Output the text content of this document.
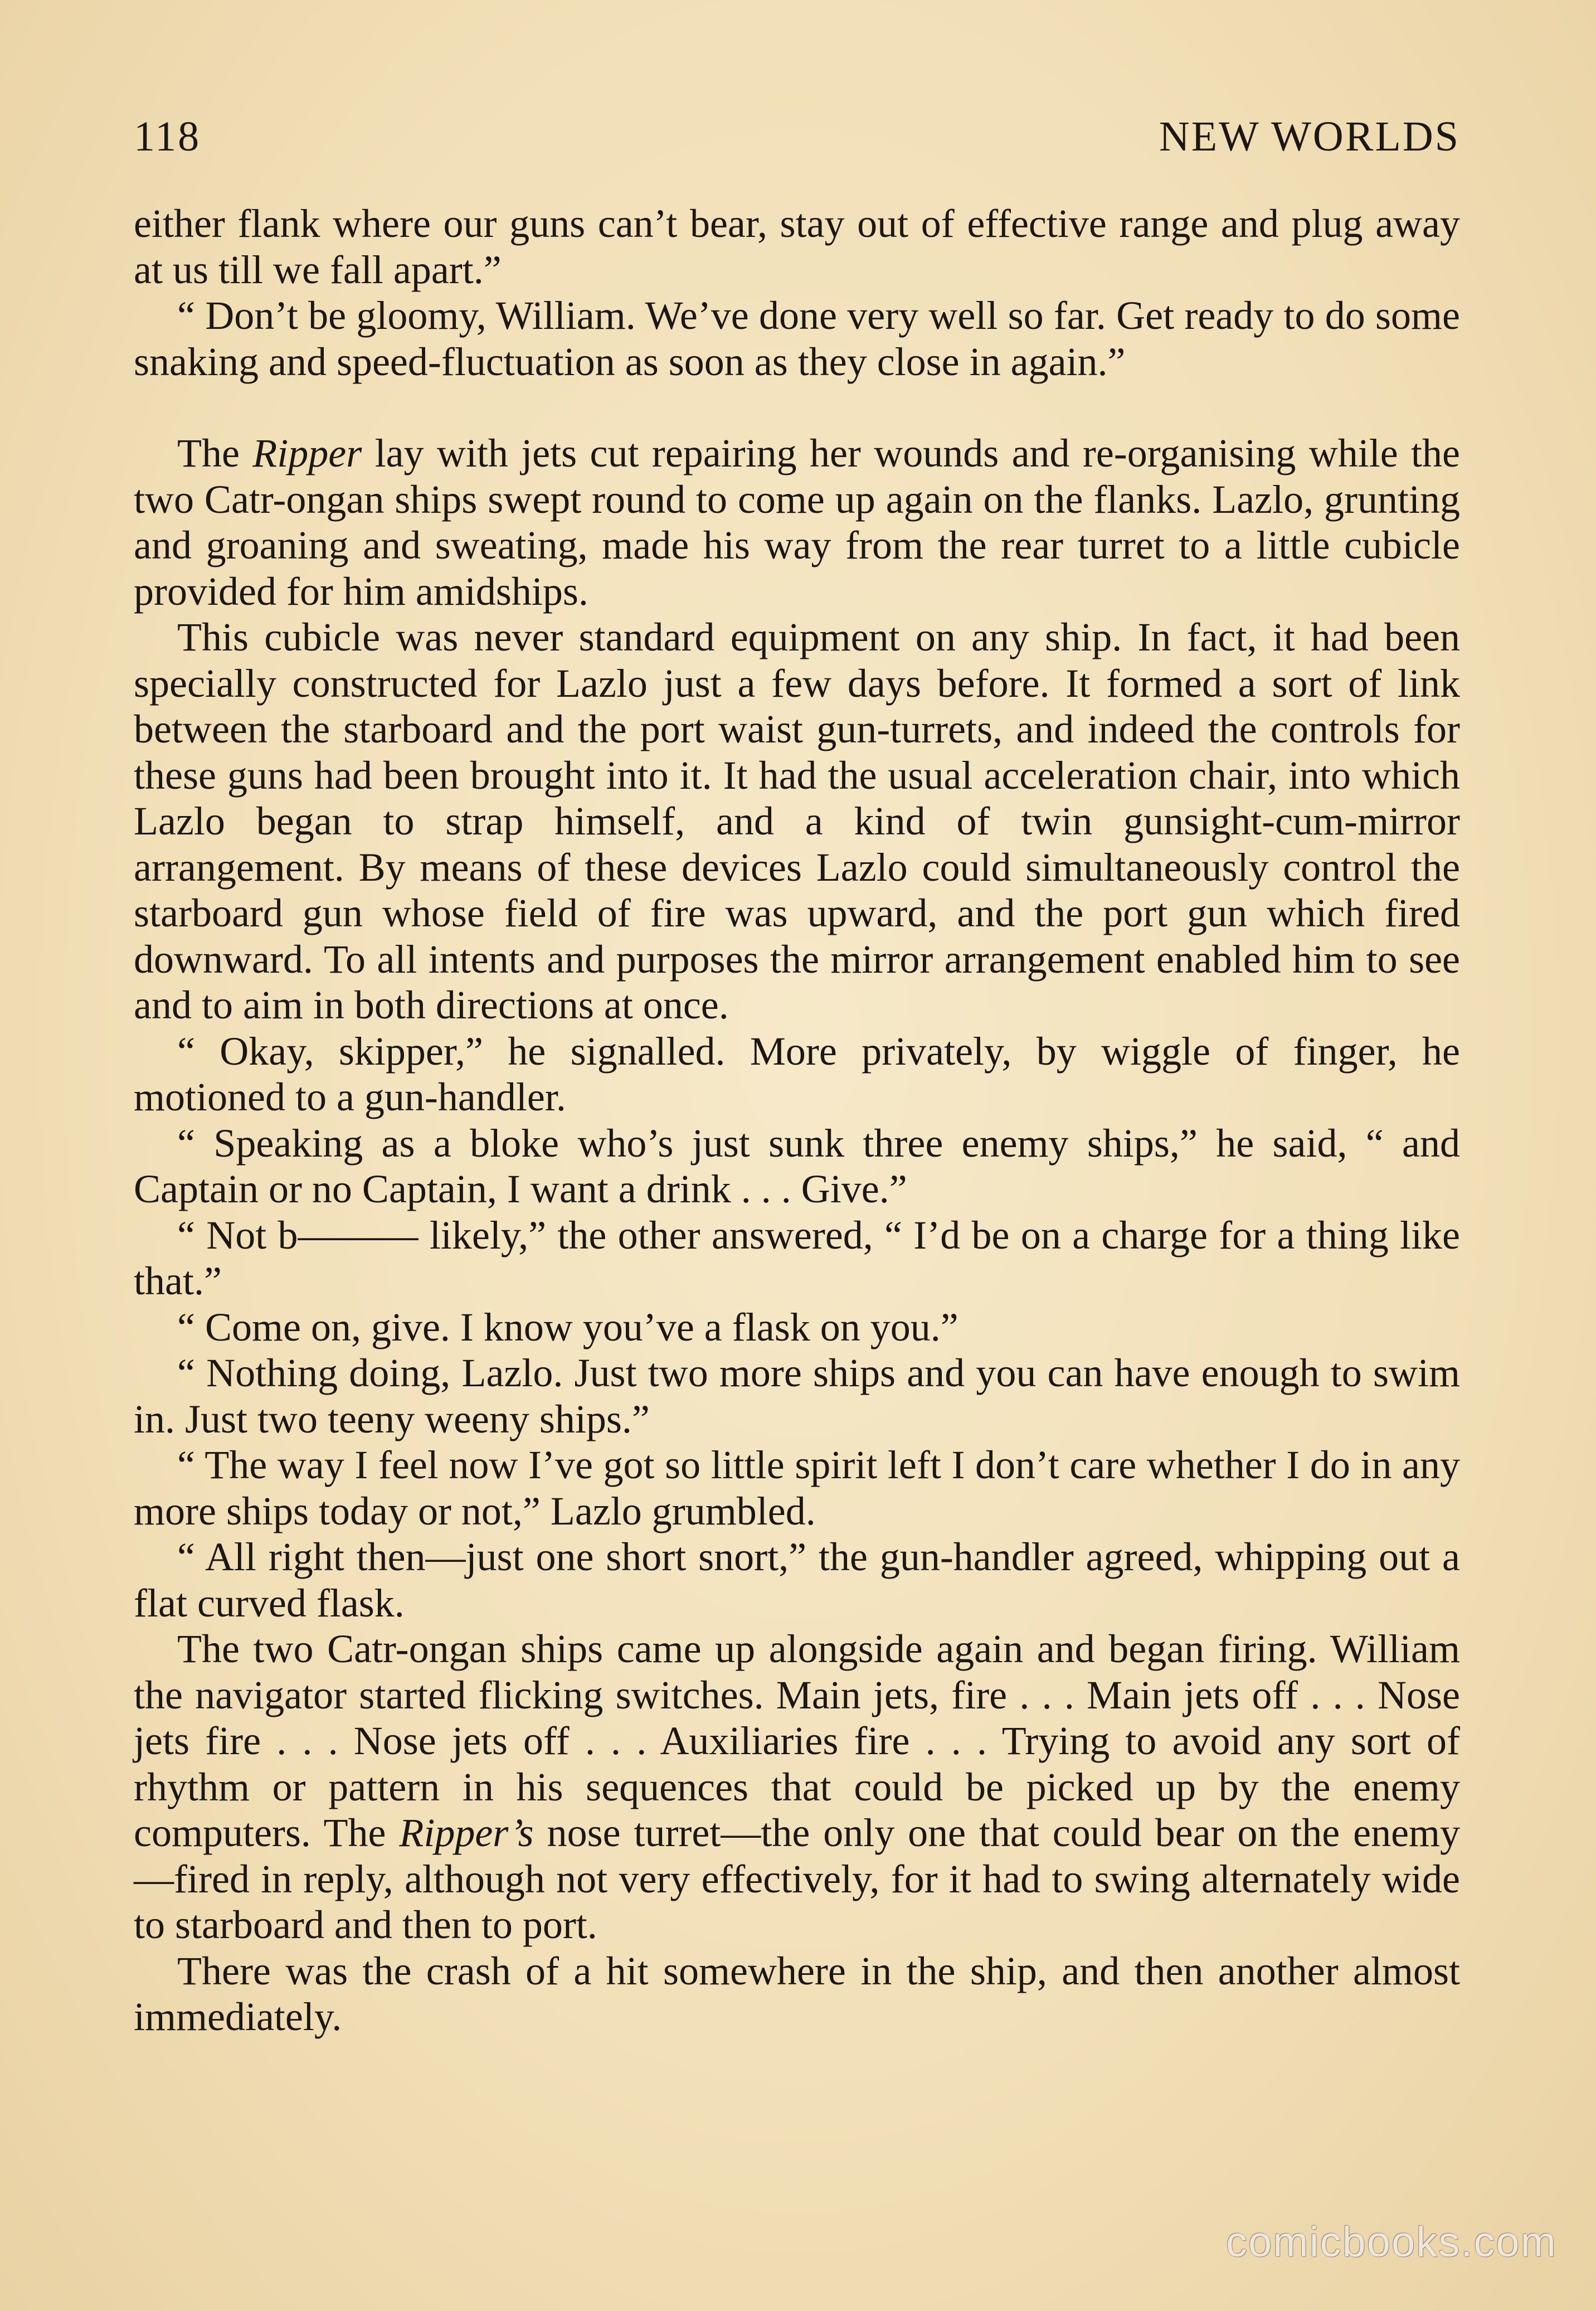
118	NEW WORLDS

either flank where our guns can’t bear, stay out of effective range and plug away at us till we fall apart.”

“ Don’t be gloomy, William. We’ve done very well so far. Get ready to do some snaking and speed-fluctuation as soon as they close in again.”

The Ripper lay with jets cut repairing her wounds and re-organising while the two Catr-ongan ships swept round to come up again on the flanks. Lazlo, grunting and groaning and sweating, made his way from the rear turret to a little cubicle provided for him amidships.

This cubicle was never standard equipment on any ship. In fact, it had been specially constructed for Lazlo just a few days before. It formed a sort of link between the starboard and the port waist gun-turrets, and indeed the controls for these guns had been brought into it. It had the usual acceleration chair, into which Lazlo began to strap himself, and a kind of twin gunsight-cum-mirror arrangement. By means of these devices Lazlo could simultaneously control the starboard gun whose field of fire was upward, and the port gun which fired downward. To all intents and purposes the mirror arrangement enabled him to see and to aim in both directions at once.

“ Okay, skipper,” he signalled. More privately, by wiggle of finger, he motioned to a gun-handler.

“ Speaking as a bloke who’s just sunk three enemy ships,” he said, “ and Captain or no Captain, I want a drink . . . Give.”

“ Not b——— likely,” the other answered, “ I’d be on a charge for a thing like that.”

“ Come on, give. I know you’ve a flask on you.”

“ Nothing doing, Lazlo. Just two more ships and you can have enough to swim in. Just two teeny weeny ships.”

“ The way I feel now I’ve got so little spirit left I don’t care whether I do in any more ships today or not,” Lazlo grumbled.

“ All right then—just one short snort,” the gun-handler agreed, whipping out a flat curved flask.

The two Catr-ongan ships came up alongside again and began firing. William the navigator started flicking switches. Main jets, fire . . . Main jets off . . . Nose jets fire . . . Nose jets off . . . Auxiliaries fire . . . Trying to avoid any sort of rhythm or pattern in his sequences that could be picked up by the enemy computers. The Ripper’s nose turret—the only one that could bear on the enemy—fired in reply, although not very effectively, for it had to swing alternately wide to starboard and then to port.

There was the crash of a hit somewhere in the ship, and then another almost immediately.

comicbooks.com
